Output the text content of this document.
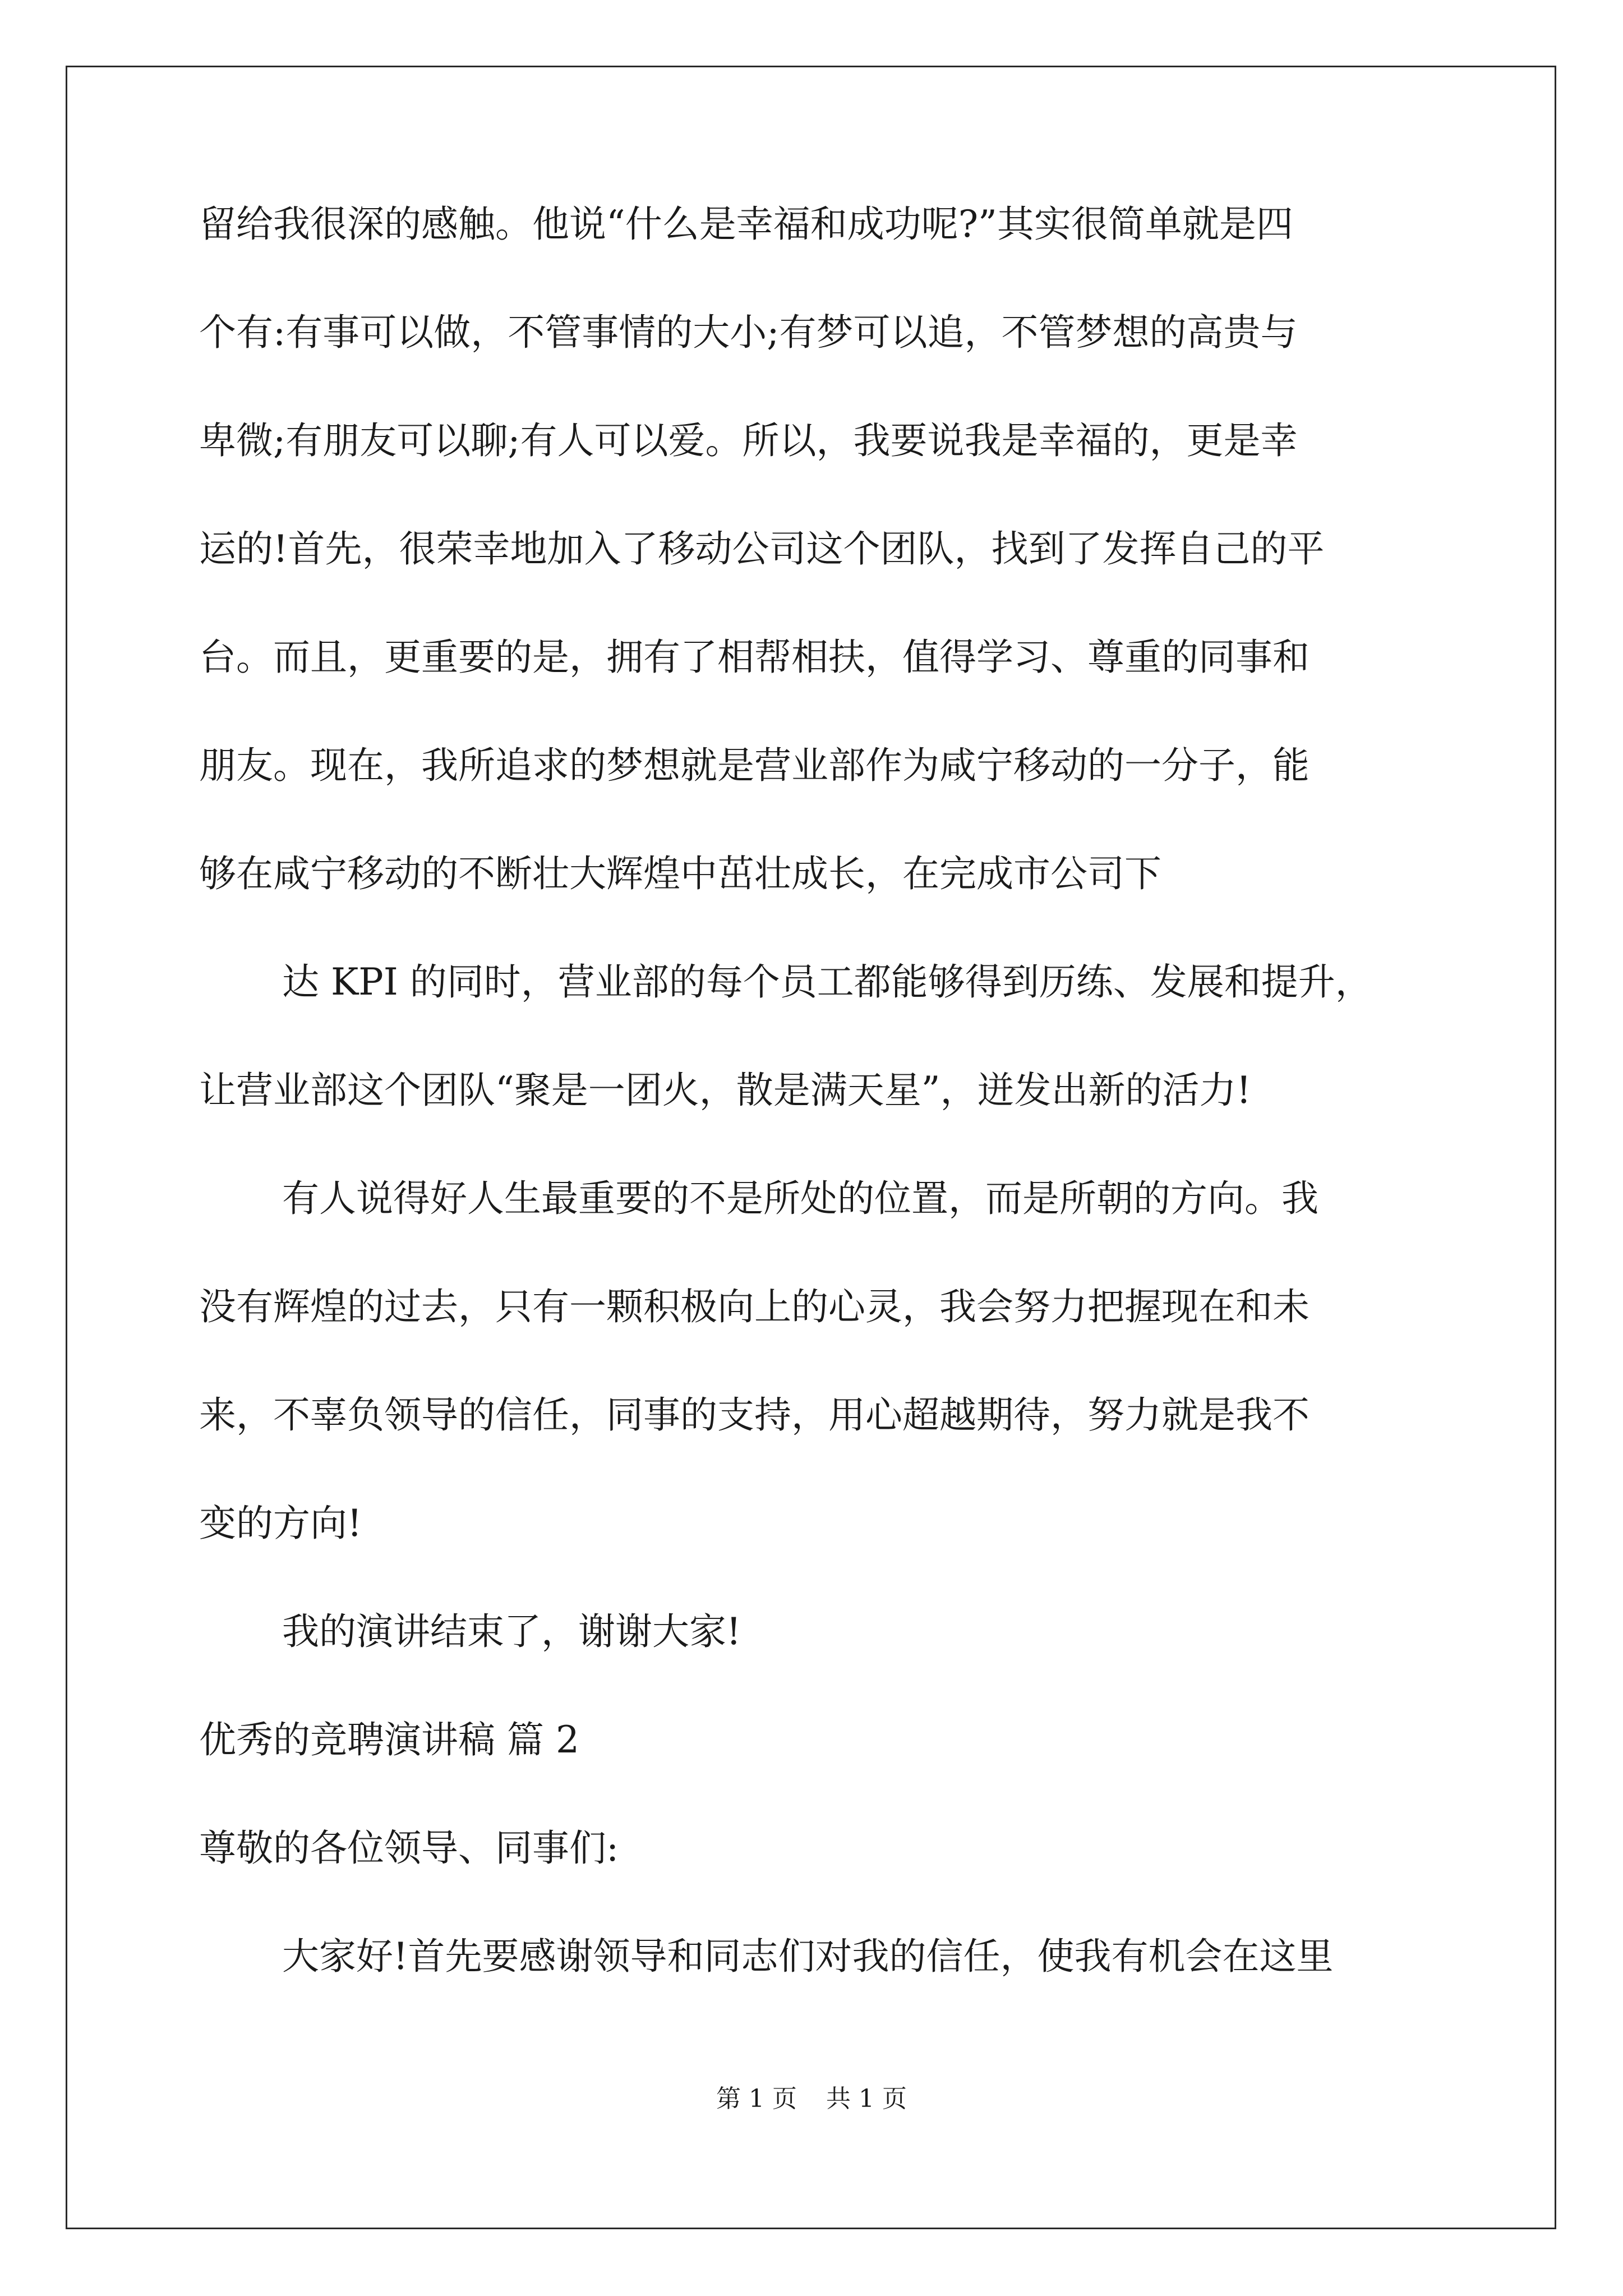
留给我很深的感触。他说“什么是幸福和成功呢?”其实很简单就是四
个有:有事可以做，不管事情的大小;有梦可以追，不管梦想的高贵与
卑微;有朋友可以聊;有人可以爱。所以，我要说我是幸福的，更是幸
运的!首先，很荣幸地加入了移动公司这个团队，找到了发挥自己的平
台。而且，更重要的是，拥有了相帮相扶，值得学习、尊重的同事和
朋友。现在，我所追求的梦想就是营业部作为咸宁移动的一分子，能
够在咸宁移动的不断壮大辉煌中茁壮成长，在完成市公司下
达 KPI 的同时，营业部的每个员工都能够得到历练、发展和提升，
让营业部这个团队“聚是一团火，散是满天星”，迸发出新的活力!
有人说得好人生最重要的不是所处的位置，而是所朝的方向。我
没有辉煌的过去，只有一颗积极向上的心灵，我会努力把握现在和未
来，不辜负领导的信任，同事的支持，用心超越期待，努力就是我不
变的方向!
我的演讲结束了，谢谢大家!
优秀的竞聘演讲稿 篇 2
尊敬的各位领导、同事们:
大家好!首先要感谢领导和同志们对我的信任，使我有机会在这里
第 1 页 共 1 页
